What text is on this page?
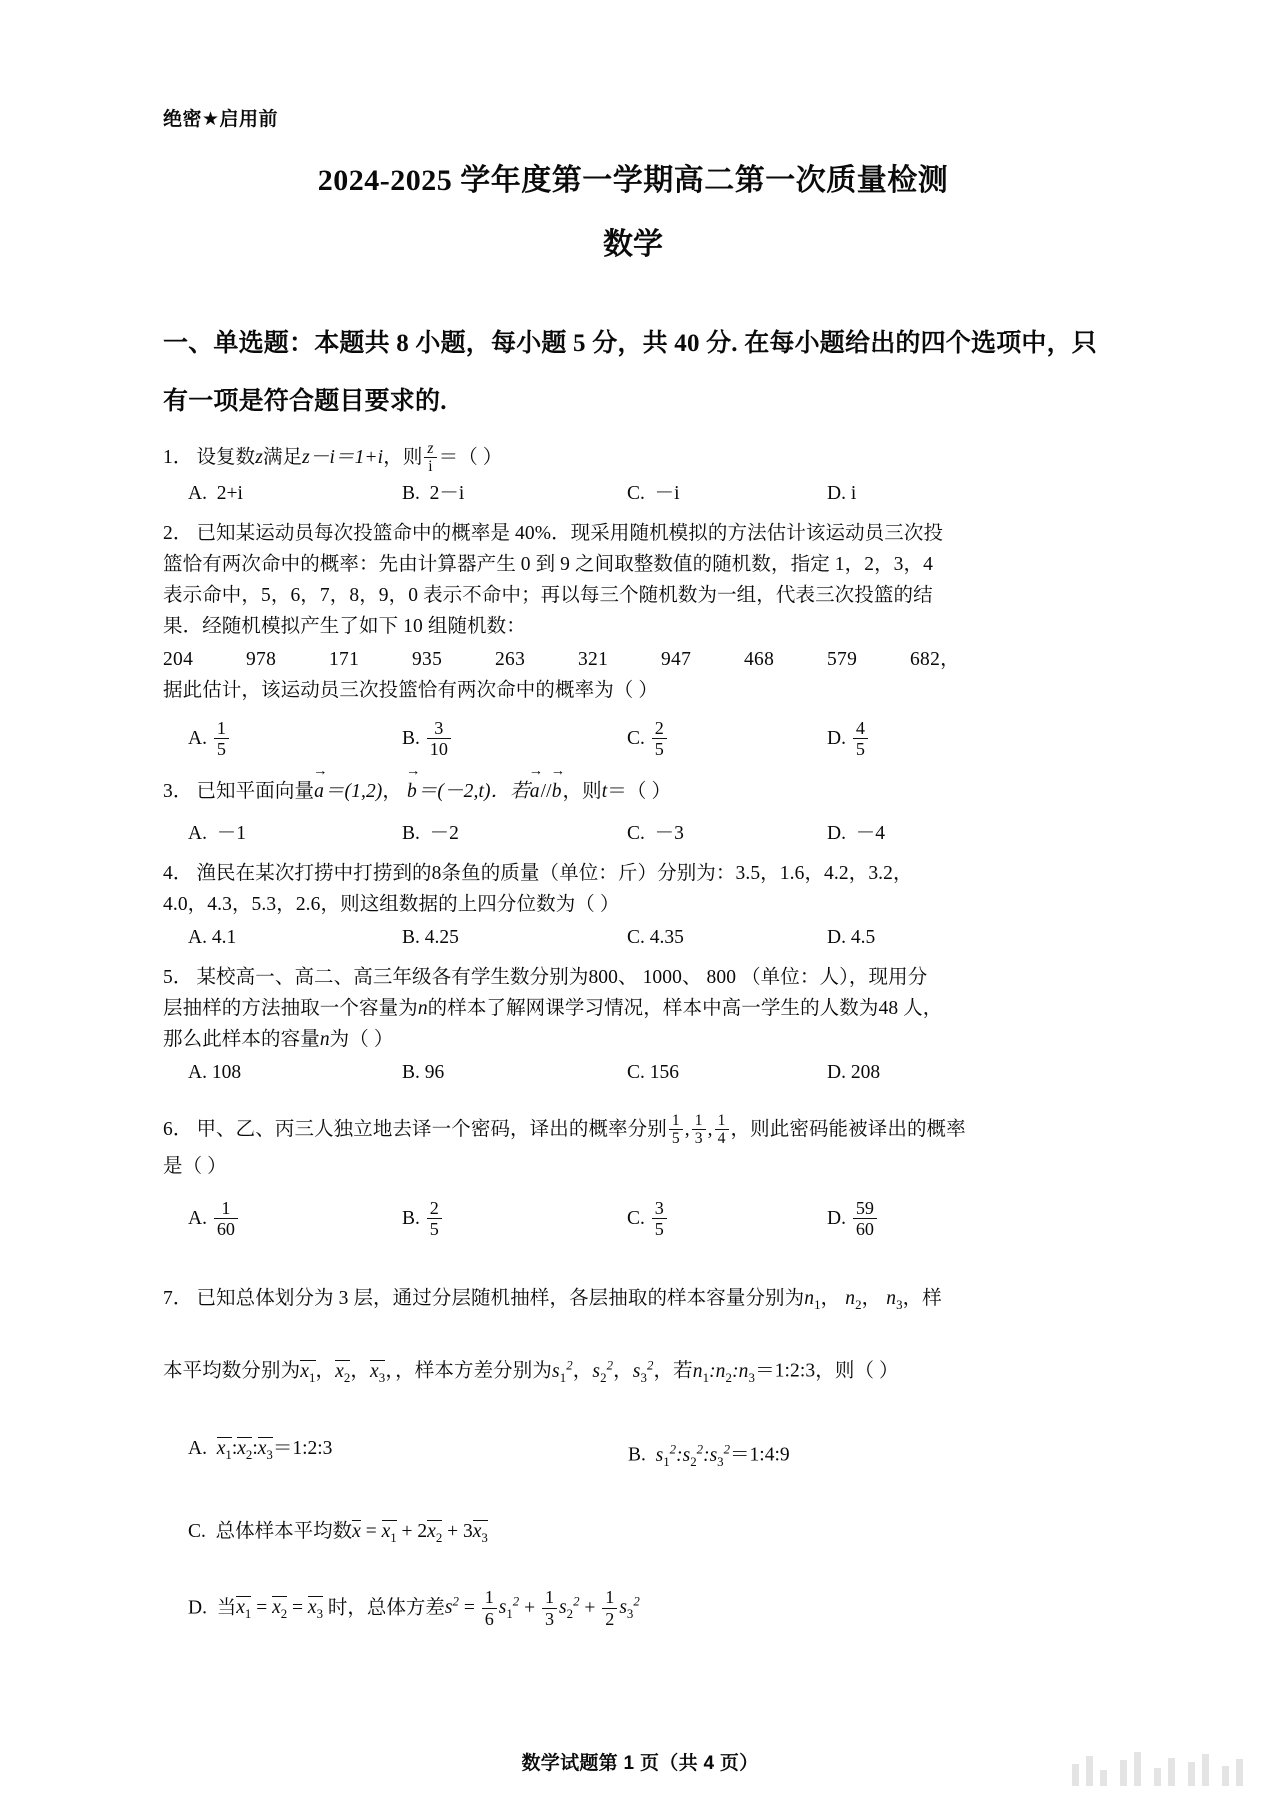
绝密★启用前
2024-2025 学年度第一学期高二第一次质量检测
数学
一、单选题：本题共 8 小题，每小题 5 分，共 40 分. 在每小题给出的四个选项中，只有一项是符合题目要求的.
1． 设复数z满足z－i＝1+i，则 $\frac{z}{i}$ ＝（ ）
A. 2+i	B. 2－i	C. －i	D. i
2． 已知某运动员每次投篮命中的概率是 40%．现采用随机模拟的方法估计该运动员三次投
篮恰有两次命中的概率：先由计算器产生 0 到 9 之间取整数值的随机数，指定 1，2，3，4
表示命中，5，6，7，8，9，0 表示不命中；再以每三个随机数为一组，代表三次投篮的结
果．经随机模拟产生了如下 10 组随机数：
204	978	171	935	263	321	947	468	579	682，
据此估计，该运动员三次投篮恰有两次命中的概率为（ ）
A. $\frac{1}{5}$	B. $\frac{3}{10}$	C. $\frac{2}{5}$	D. $\frac{4}{5}$
3． 已知平面向量a →＝(1,2)， b →＝(－2,t)．若a →//b →，则t＝（ ）
A. －1	B. －2	C. －3	D. －4
4． 渔民在某次打捞中打捞到的8条鱼的质量（单位：斤）分别为：3.5，1.6，4.2，3.2，
4.0，4.3，5.3，2.6，则这组数据的上四分位数为（ ）
A. 4.1	B. 4.25	C. 4.35	D. 4.5
5． 某校高一、高二、高三年级各有学生数分别为800、 1000、 800 （单位：人），现用分
层抽样的方法抽取一个容量为n的样本了解网课学习情况，样本中高一学生的人数为48 人，
那么此样本的容量n为（ ）
A. 108	B. 96	C. 156	D. 208
6． 甲、乙、丙三人独立地去译一个密码，译出的概率分别 $\frac{1}{5}$ , $\frac{1}{3}$ , $\frac{1}{4}$ ，则此密码能被译出的概率
是（ ）
A. $\frac{1}{60}$	B. $\frac{2}{5}$	C. $\frac{3}{5}$	D. $\frac{59}{60}$
7． 已知总体划分为 3 层，通过分层随机抽样，各层抽取的样本容量分别为$n_1$， $n_2$， $n_3$，样
本平均数分别为$x_1$，$x_2$，$x_3$，，样本方差分别为$s_1^2$，$s_2^2$，$s_3^2$，若$n_1:n_2:n_3=1:2:3$，则（ ）
A. $x_1:x_2:x_3=1:2:3$	B. $s_1^2:s_2^2:s_3^2=1:4:9$
C. 总体样本平均数$x = x_1 + 2x_2 + 3x_3$
D. 当$x_1 = x_2 = x_3$ 时，总体方差$s^2 = \frac{1}{6} s_1^2 + \frac{1}{3} s_2^2 + \frac{1}{2} s_3^2$
数学试题第 1 页（共 4 页）
